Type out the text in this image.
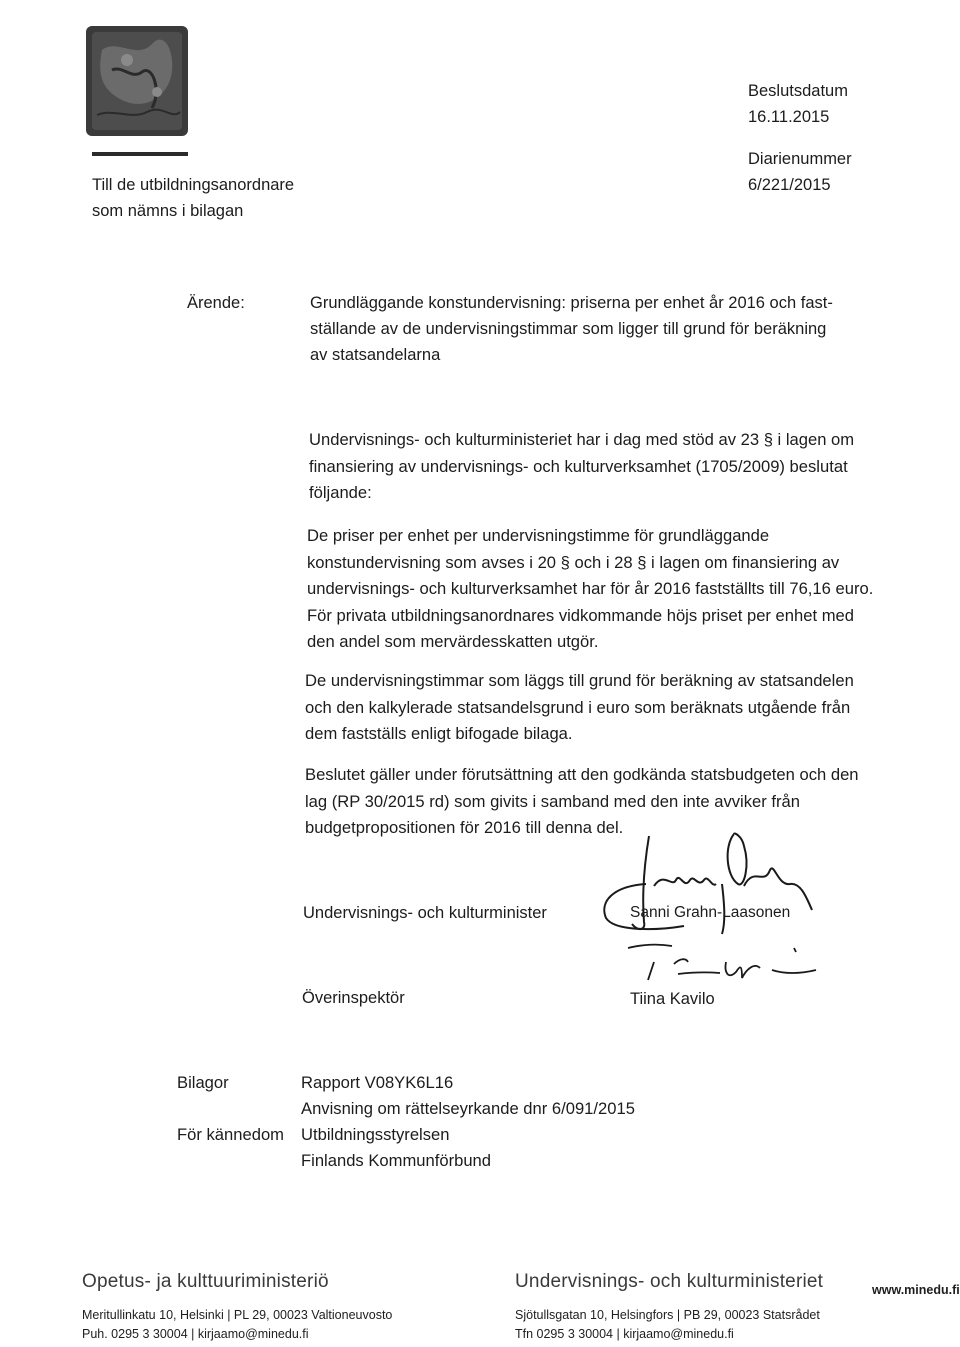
Till de utbildningsanordnare
som nämns i bilagan
Beslutsdatum
16.11.2015
Diarienummer
6/221/2015
Ärende:	Grundläggande konstundervisning: priserna per enhet år 2016 och fast-
ställande av de undervisningstimmar som ligger till grund för beräkning
av statsandelarna
Undervisnings- och kulturministeriet har i dag med stöd av 23 § i lagen om
finansiering av undervisnings- och kulturverksamhet (1705/2009) beslutat
följande:
De priser per enhet per undervisningstimme för grundläggande
konstundervisning som avses i 20 § och i 28 § i lagen om finansiering av
undervisnings- och kulturverksamhet har för år 2016 fastställts till 76,16 euro.
För privata utbildningsanordnares vidkommande höjs priset per enhet med
den andel som mervärdesskatten utgör.
De undervisningstimmar som läggs till grund för beräkning av statsandelen
och den kalkylerade statsandelsgrund i euro som beräknats utgående från
dem fastställs enligt bifogade bilaga.
Beslutet gäller under förutsättning att den godkända statsbudgeten och den
lag (RP 30/2015 rd) som givits i samband med den inte avviker från
budgetpropositionen för 2016 till denna del.
Undervisnings- och kulturminister	Sanni Grahn-Laasonen
Överinspektör	Tiina Kavilo
Bilagor	Rapport V08YK6L16
Anvisning om rättelseyrkande dnr 6/091/2015
För kännedom Utbildningsstyrelsen
Finlands Kommunförbund
Opetus- ja kulttuuriministeriö
Meritullinkatu 10, Helsinki | PL 29, 00023 Valtioneuvosto
Puh. 0295 3 30004 | kirjaamo@minedu.fi
Undervisnings- och kulturministeriet
Sjötullsgatan 10, Helsingfors | PB 29, 00023 Statsrådet
Tfn 0295 3 30004 | kirjaamo@minedu.fi
www.minedu.fi
